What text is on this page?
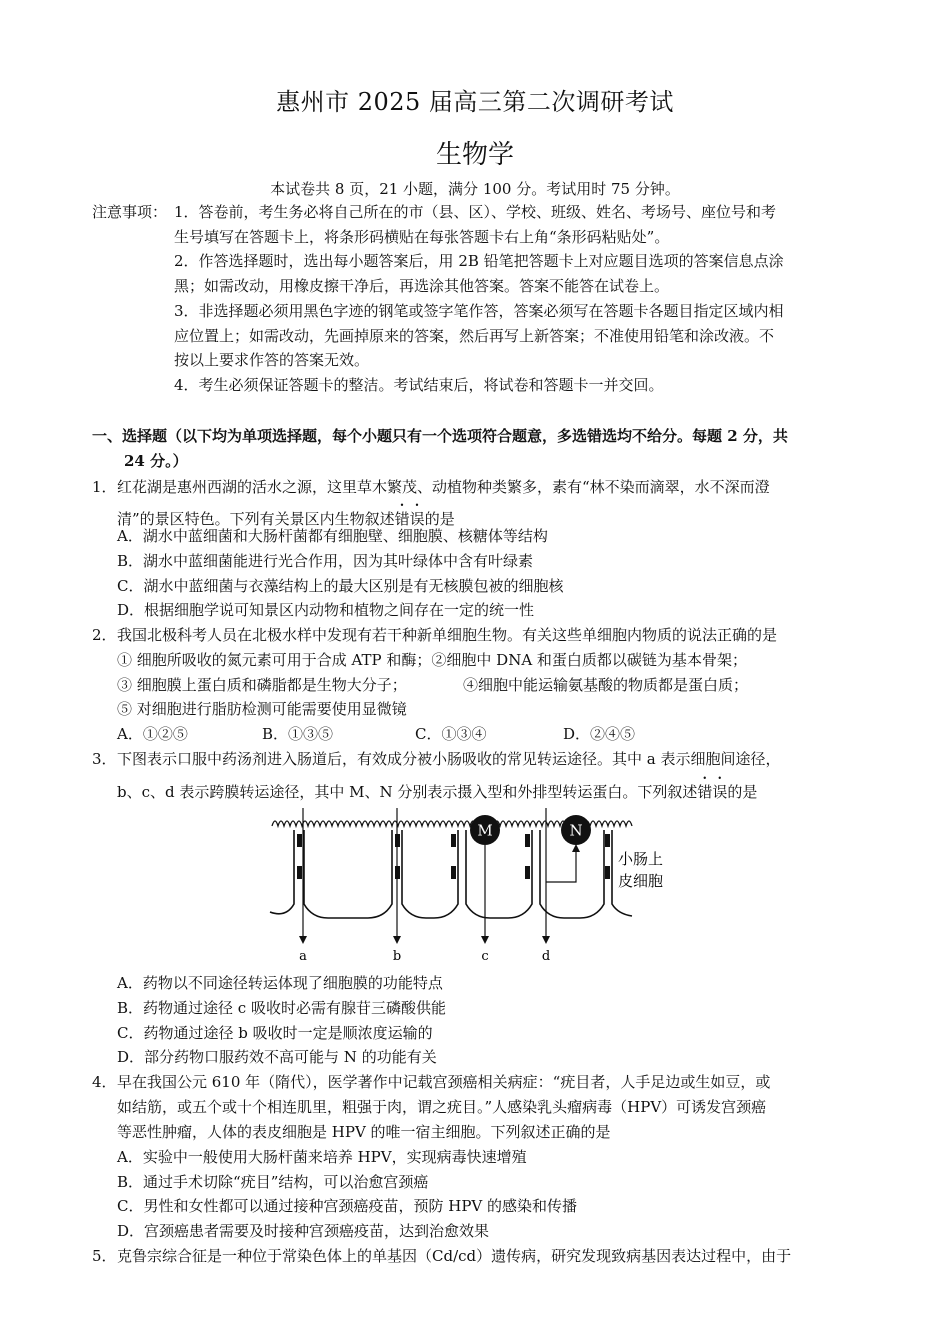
惠州市 2025 届高三第二次调研考试
生物学
本试卷共 8 页，21 小题，满分 100 分。考试用时 75 分钟。
注意事项： 1．答卷前，考生务必将自己所在的市（县、区）、学校、班级、姓名、考场号、座位号和考
生号填写在答题卡上，将条形码横贴在每张答题卡右上角“条形码粘贴处”。
2．作答选择题时，选出每小题答案后，用 2B 铅笔把答题卡上对应题目选项的答案信息点涂
黑；如需改动，用橡皮擦干净后，再选涂其他答案。答案不能答在试卷上。
3．非选择题必须用黑色字迹的钢笔或签字笔作答，答案必须写在答题卡各题目指定区域内相
应位置上；如需改动，先画掉原来的答案，然后再写上新答案；不准使用铅笔和涂改液。不
按以上要求作答的答案无效。
4．考生必须保证答题卡的整洁。考试结束后，将试卷和答题卡一并交回。
一、选择题（以下均为单项选择题，每个小题只有一个选项符合题意，多选错选均不给分。每题 2 分，共
24 分。）
1． 红花湖是惠州西湖的活水之源，这里草木繁茂、动植物种类繁多，素有“林不染而滴翠，水不深而澄
清”的景区特色。下列有关景区内生物叙述错误的是
A．湖水中蓝细菌和大肠杆菌都有细胞壁、细胞膜、核糖体等结构
B．湖水中蓝细菌能进行光合作用，因为其叶绿体中含有叶绿素
C．湖水中蓝细菌与衣藻结构上的最大区别是有无核膜包被的细胞核
D．根据细胞学说可知景区内动物和植物之间存在一定的统一性
2． 我国北极科考人员在北极水样中发现有若干种新单细胞生物。有关这些单细胞内物质的说法正确的是
① 细胞所吸收的氮元素可用于合成 ATP 和酶；②细胞中 DNA 和蛋白质都以碳链为基本骨架；
③ 细胞膜上蛋白质和磷脂都是生物大分子；	④细胞中能运输氨基酸的物质都是蛋白质；
⑤ 对细胞进行脂肪检测可能需要使用显微镜
A．①②⑤	B．①③⑤	C．①③④	D．②④⑤
3． 下图表示口服中药汤剂进入肠道后，有效成分被小肠吸收的常见转运途径。其中 a 表示细胞间途径，
b、c、d 表示跨膜转运途径，其中 M、N 分别表示摄入型和外排型转运蛋白。下列叙述错误的是
M	N
a	b	c	d
小肠上
皮细胞
A．药物以不同途径转运体现了细胞膜的功能特点
B．药物通过途径 c 吸收时必需有腺苷三磷酸供能
C．药物通过途径 b 吸收时一定是顺浓度运输的
D．部分药物口服药效不高可能与 N 的功能有关
4． 早在我国公元 610 年（隋代），医学著作中记载宫颈癌相关病症：“疣目者，人手足边或生如豆，或
如结筋，或五个或十个相连肌里，粗强于肉，谓之疣目。”人感染乳头瘤病毒（HPV）可诱发宫颈癌
等恶性肿瘤，人体的表皮细胞是 HPV 的唯一宿主细胞。下列叙述正确的是
A．实验中一般使用大肠杆菌来培养 HPV，实现病毒快速增殖
B．通过手术切除“疣目”结构，可以治愈宫颈癌
C．男性和女性都可以通过接种宫颈癌疫苗，预防 HPV 的感染和传播
D．宫颈癌患者需要及时接种宫颈癌疫苗，达到治愈效果
5． 克鲁宗综合征是一种位于常染色体上的单基因（Cd/cd）遗传病，研究发现致病基因表达过程中，由于
